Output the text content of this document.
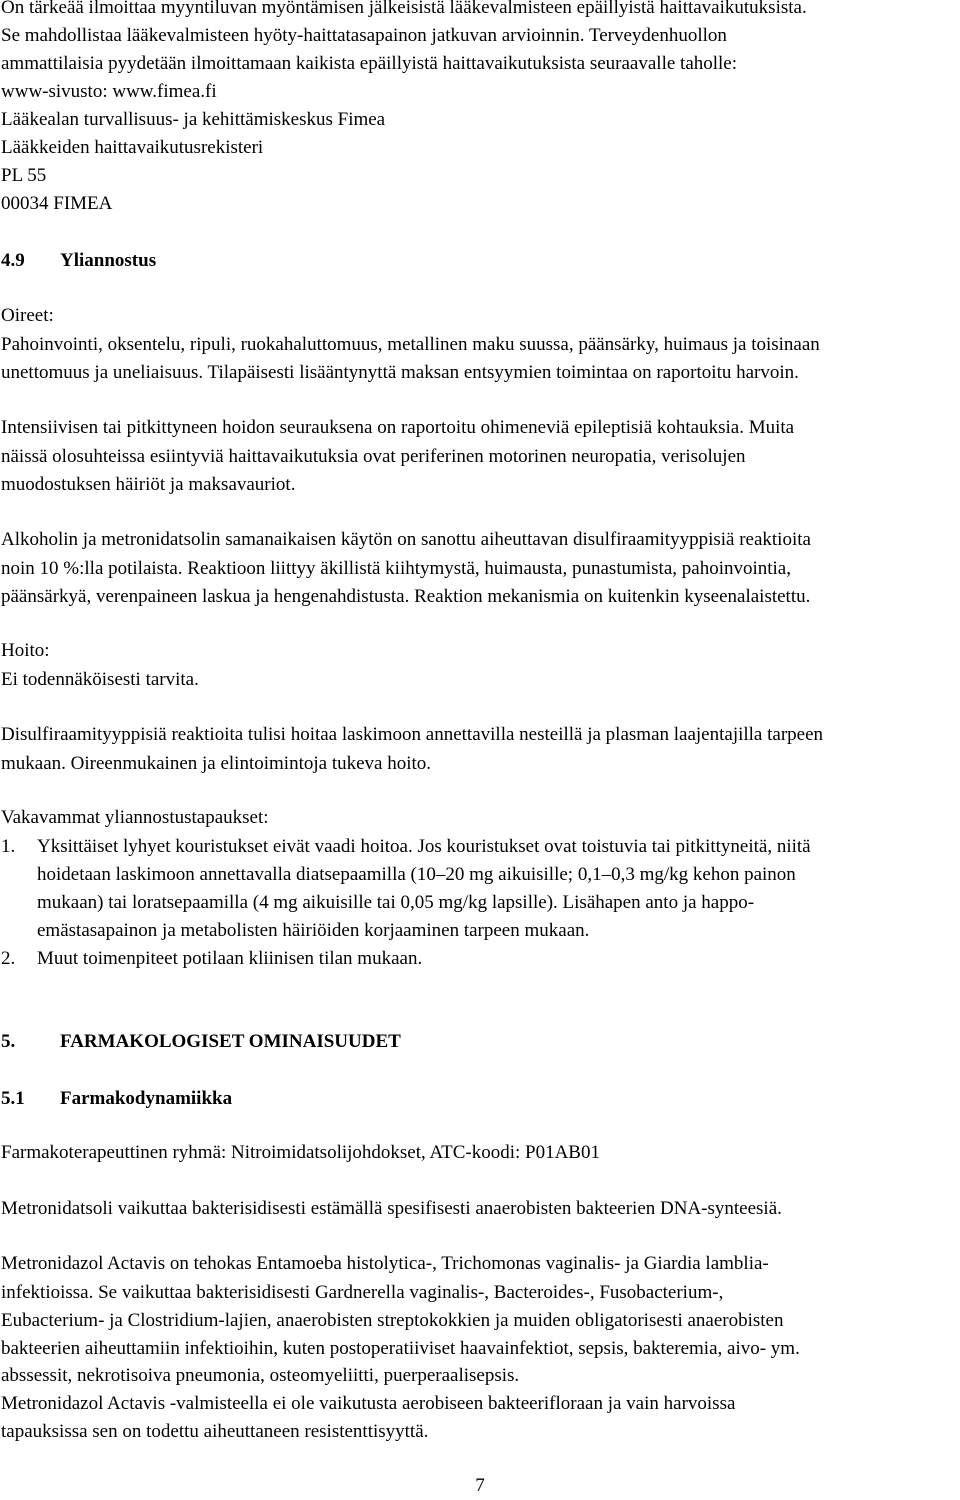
On tärkeää ilmoittaa myyntiluvan myöntämisen jälkeisistä lääkevalmisteen epäillyistä haittavaikutuksista.
Se mahdollistaa lääkevalmisteen hyöty-haittatasapainon jatkuvan arvioinnin. Terveydenhuollon
ammattilaisia pyydetään ilmoittamaan kaikista epäillyistä haittavaikutuksista seuraavalle taholle:
www-sivusto: www.fimea.fi
Lääkealan turvallisuus- ja kehittämiskeskus Fimea
Lääkkeiden haittavaikutusrekisteri
PL 55
00034 FIMEA
4.9 Yliannostus
Oireet:
Pahoinvointi, oksentelu, ripuli, ruokahaluttomuus, metallinen maku suussa, päänsärky, huimaus ja toisinaan
unettomuus ja uneliaisuus. Tilapäisesti lisääntynyttä maksan entsyymien toimintaa on raportoitu harvoin.
Intensiivisen tai pitkittyneen hoidon seurauksena on raportoitu ohimeneviä epileptisiä kohtauksia. Muita
näissä olosuhteissa esiintyviä haittavaikutuksia ovat periferinen motorinen neuropatia, verisolujen
muodostuksen häiriöt ja maksavauriot.
Alkoholin ja metronidatsolin samanaikaisen käytön on sanottu aiheuttavan disulfiraamityyppisiä reaktioita
noin 10 %:lla potilaista. Reaktioon liittyy äkillistä kiihtymystä, huimausta, punastumista, pahoinvointia,
päänsärkyä, verenpaineen laskua ja hengenahdistusta. Reaktion mekanismia on kuitenkin kyseenalaistettu.
Hoito:
Ei todennäköisesti tarvita.
Disulfiraamityyppisiä reaktioita tulisi hoitaa laskimoon annettavilla nesteillä ja plasman laajentajilla tarpeen
mukaan. Oireenmukainen ja elintoimintoja tukeva hoito.
Vakavammat yliannostustapaukset:
1. Yksittäiset lyhyet kouristukset eivät vaadi hoitoa. Jos kouristukset ovat toistuvia tai pitkittyneitä, niitä
hoidetaan laskimoon annettavalla diatsepaamilla (10–20 mg aikuisille; 0,1–0,3 mg/kg kehon painon
mukaan) tai loratsepaamilla (4 mg aikuisille tai 0,05 mg/kg lapsille). Lisähapen anto ja happo-
emästasapainon ja metabolisten häiriöiden korjaaminen tarpeen mukaan.
2. Muut toimenpiteet potilaan kliinisen tilan mukaan.
5. FARMAKOLOGISET OMINAISUUDET
5.1 Farmakodynamiikka
Farmakoterapeuttinen ryhmä: Nitroimidatsolijohdokset, ATC-koodi: P01AB01
Metronidatsoli vaikuttaa bakterisidisesti estämällä spesifisesti anaerobisten bakteerien DNA-synteesiä.
Metronidazol Actavis on tehokas Entamoeba histolytica-, Trichomonas vaginalis- ja Giardia lamblia-
infektioissa. Se vaikuttaa bakterisidisesti Gardnerella vaginalis-, Bacteroides-, Fusobacterium-,
Eubacterium- ja Clostridium-lajien, anaerobisten streptokokkien ja muiden obligatorisesti anaerobisten
bakteerien aiheuttamiin infektioihin, kuten postoperatiiviset haavainfektiot, sepsis, bakteremia, aivo- ym.
abssessit, nekrotisoiva pneumonia, osteomyeliitti, puerperaalisepsis.
Metronidazol Actavis -valmisteella ei ole vaikutusta aerobiseen bakteerifloraan ja vain harvoissa
tapauksissa sen on todettu aiheuttaneen resistenttisyyttä.
7
